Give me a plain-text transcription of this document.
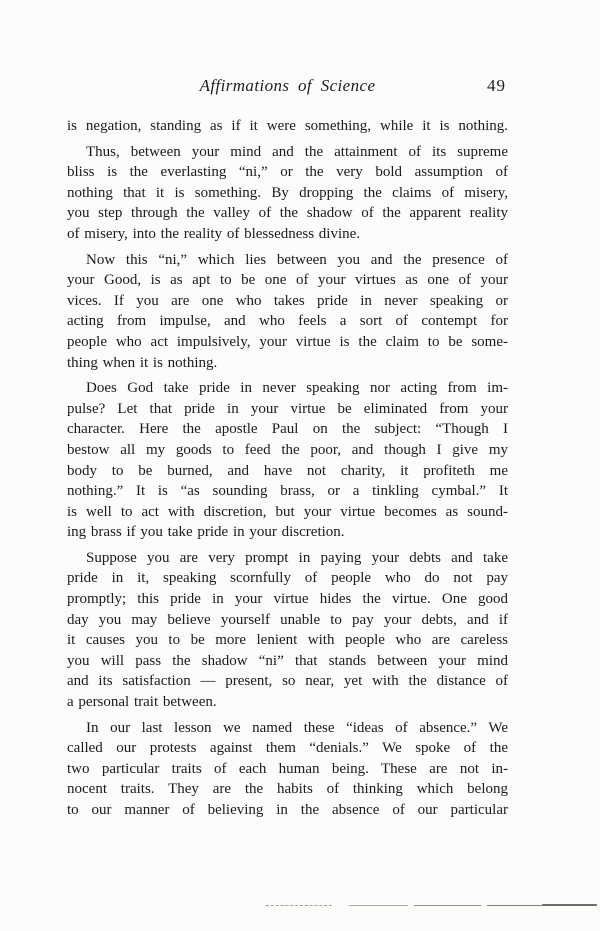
Affirmations of Science	49
is negation, standing as if it were something, while it is nothing.
Thus, between your mind and the attainment of its supreme
bliss is the everlasting “ni,” or the very bold assumption of
nothing that it is something. By dropping the claims of misery,
you step through the valley of the shadow of the apparent reality
of misery, into the reality of blessedness divine.
Now this “ni,” which lies between you and the presence of
your Good, is as apt to be one of your virtues as one of your
vices. If you are one who takes pride in never speaking or
acting from impulse, and who feels a sort of contempt for
people who act impulsively, your virtue is the claim to be some-
thing when it is nothing.
Does God take pride in never speaking nor acting from im-
pulse? Let that pride in your virtue be eliminated from your
character. Here the apostle Paul on the subject: “Though I
bestow all my goods to feed the poor, and though I give my
body to be burned, and have not charity, it profiteth me
nothing.” It is “as sounding brass, or a tinkling cymbal.” It
is well to act with discretion, but your virtue becomes as sound-
ing brass if you take pride in your discretion.
Suppose you are very prompt in paying your debts and take
pride in it, speaking scornfully of people who do not pay
promptly; this pride in your virtue hides the virtue. One good
day you may believe yourself unable to pay your debts, and if
it causes you to be more lenient with people who are careless
you will pass the shadow “ni” that stands between your mind
and its satisfaction — present, so near, yet with the distance of
a personal trait between.
In our last lesson we named these “ideas of absence.” We
called our protests against them “denials.” We spoke of the
two particular traits of each human being. These are not in-
nocent traits. They are the habits of thinking which belong
to our manner of believing in the absence of our particular
